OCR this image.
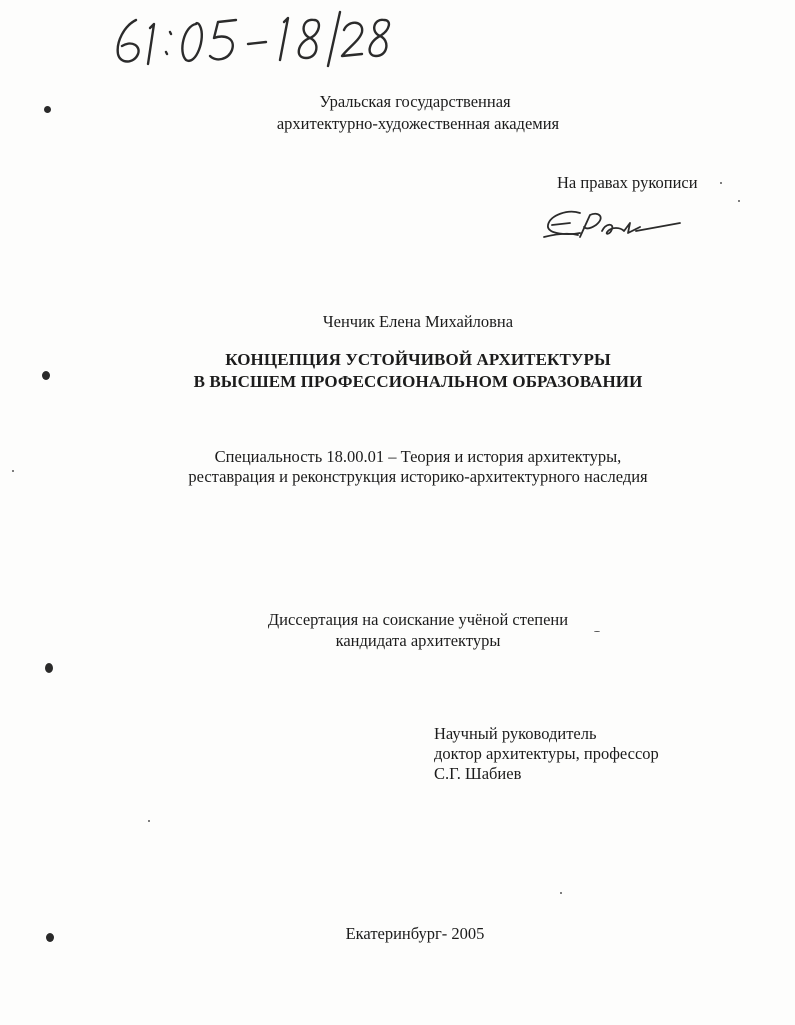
Уральская государственная
архитектурно-художественная академия
На правах рукописи
Ченчик Елена Михайловна
КОНЦЕПЦИЯ УСТОЙЧИВОЙ АРХИТЕКТУРЫ
В ВЫСШЕМ ПРОФЕССИОНАЛЬНОМ ОБРАЗОВАНИИ
Специальность 18.00.01 – Теория и история архитектуры,
реставрация и реконструкция историко-архитектурного наследия
Диссертация на соискание учёной степени
кандидата архитектуры
Научный руководитель
доктор архитектуры, профессор
С.Г. Шабиев
Екатеринбург- 2005
